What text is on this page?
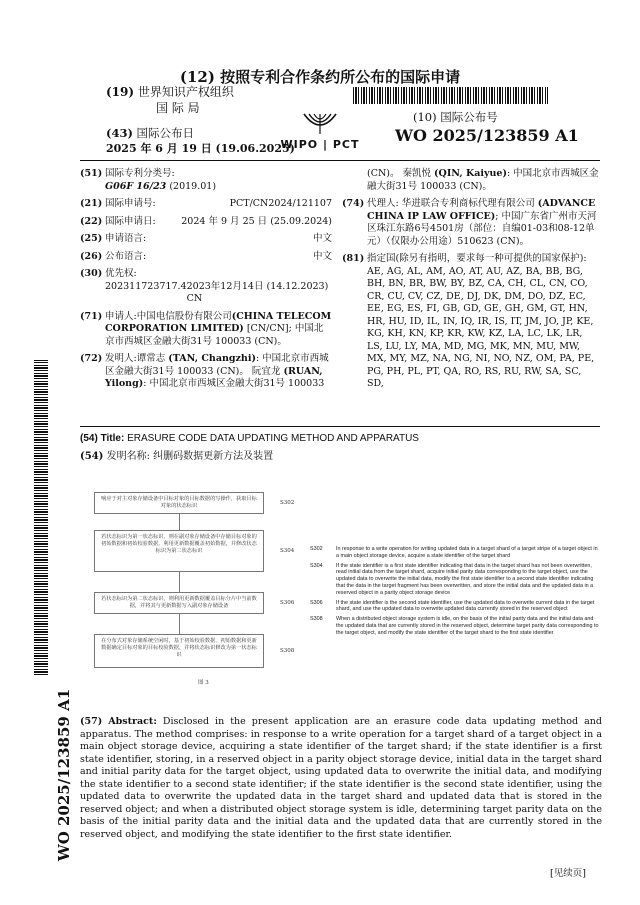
(12) 按照专利合作条约所公布的国际申请
(19) 世界知识产权组织
国 际 局
(43) 国际公布日
2025 年 6 月 19 日 (19.06.2025)
WIPO | PCT
(10) 国际公布号
WO 2025/123859 A1
(51) 国际专利分类号:
G06F 16/23 (2019.01)
(21) 国际申请号:	PCT/CN2024/121107
(22) 国际申请日:	2024 年 9 月 25 日 (25.09.2024)
(25) 申请语言:	中文
(26) 公布语言:	中文
(30) 优先权:

202311723717.4 2023年12月14日 (14.12.2023) CN
(71) 申请人:中国电信股份有限公司(CHINA TELECOM CORPORATION LIMITED) [CN/CN]; 中国北京市西城区金融大街31号 100033 (CN)。
(72) 发明人:谭常志 (TAN, Changzhi): 中国北京市西城区金融大街31号 100033 (CN)。 阮宜龙 (RUAN, Yilong): 中国北京市西城区金融大街31号 100033
(CN)。 秦凯悦 (QIN, Kaiyue): 中国北京市西城区金融大街31号 100033 (CN)。
(74) 代理人: 华进联合专利商标代理有限公司 (ADVANCE CHINA IP LAW OFFICE); 中国广东省广州市天河区珠江东路6号4501房（部位：自编01-03和08-12单元）（仅限办公用途）510623 (CN)。
(81) 指定国(除另有指明，要求每一种可提供的国家保护): AE, AG, AL, AM, AO, AT, AU, AZ, BA, BB, BG, BH, BN, BR, BW, BY, BZ, CA, CH, CL, CN, CO, CR, CU, CV, CZ, DE, DJ, DK, DM, DO, DZ, EC, EE, EG, ES, FI, GB, GD, GE, GH, GM, GT, HN, HR, HU, ID, IL, IN, IQ, IR, IS, IT, JM, JO, JP, KE, KG, KH, KN, KP, KR, KW, KZ, LA, LC, LK, LR, LS, LU, LY, MA, MD, MG, MK, MN, MU, MW, MX, MY, MZ, NA, NG, NI, NO, NZ, OM, PA, PE, PG, PH, PL, PT, QA, RO, RS, RU, RW, SA, SC, SD,
WO 2025/123859 A1
(54) Title: ERASURE CODE DATA UPDATING METHOD AND APPARATUS
(54) 发明名称: 纠删码数据更新方法及装置
响应于对主对象存储设备中目标对象的目标数据的写操作，获取目标对象的状态标识	S302
若状态标识为第一状态标识，则在副对象存储设备中存储目标对象的初始数据和初始校验数据，利用更新数据覆盖初始数据，并修改状态标识为第二状态标识	S304
若状态标识为第二状态标识，则利用更新数据覆盖目标分片中当前数据，并将其与更新数据写入副对象存储设备	S306
在分布式对象存储系统空闲时，基于初始校验数据、初始数据和更新数据确定目标对象的目标校验数据，并将状态标识修改为第一状态标识
S308
图 3
S302	In response to a write operation for writing updated data in a target shard of a target stripe of a target object in a main object storage device, acquire a state identifier of the target shard
S304	If the state identifier is a first state identifier indicating that data in the target shard has not been overwritten, read initial data from the target shard, acquire initial parity data corresponding to the target object, use the updated data to overwrite the initial data, modify the first state identifier to a second state identifier indicating that the data in the target fragment has been overwritten, and store the initial data and the updated data in a reserved object in a parity object storage device
S306	If the state identifier is the second state identifier, use the updated data to overwrite current data in the target shard, and use the updated data to overwrite updated data currently stored in the reserved object
S308	When a distributed object storage system is idle, on the basis of the initial parity data and the initial data and the updated data that are currently stored in the reserved object, determine target parity data corresponding to the target object, and modify the state identifier of the target shard to the first state identifier
(57) Abstract: Disclosed in the present application are an erasure code data updating method and apparatus. The method comprises: in response to a write operation for a target shard of a target object in a main object storage device, acquiring a state identifier of the target shard; if the state identifier is a first state identifier, storing, in a reserved object in a parity object storage device, initial data in the target shard and initial parity data for the target object, using updated data to overwrite the initial data, and modifying the state identifier to a second state identifier; if the state identifier is the second state identifier, using the updated data to overwrite the updated data in the target shard and updated data that is stored in the reserved object; and when a distributed object storage system is idle, determining target parity data on the basis of the initial parity data and the initial data and the updated data that are currently stored in the reserved object, and modifying the state identifier to the first state identifier.
[见续页]
